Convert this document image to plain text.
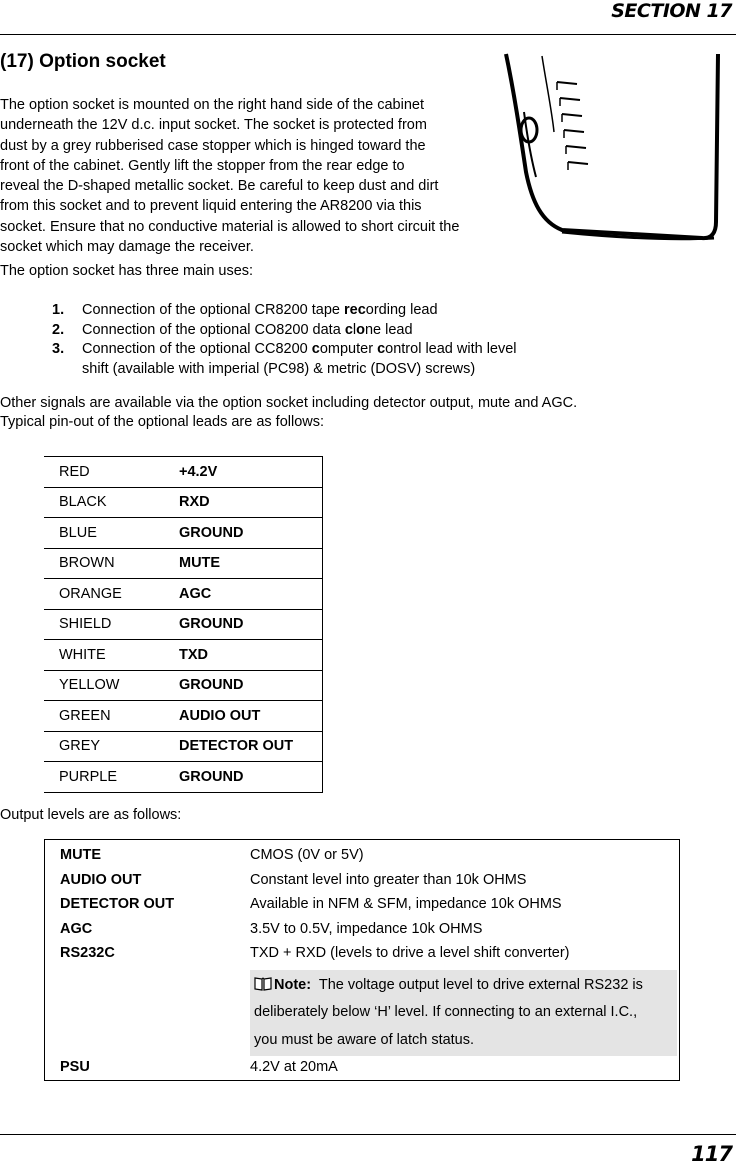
SECTION 17
(17) Option socket
The option socket is mounted on the right hand side of the cabinet
underneath the 12V d.c. input socket. The socket is protected from
dust by a grey rubberised case stopper which is hinged toward the
front of the cabinet. Gently lift the stopper from the rear edge to
reveal the D-shaped metallic socket. Be careful to keep dust and dirt
from this socket and to prevent liquid entering the AR8200 via this
socket. Ensure that no conductive material is allowed to short circuit the
socket which may damage the receiver.
The option socket has three main uses:
1.	Connection of the optional CR8200 tape recording lead
2.	Connection of the optional CO8200 data clone lead
3.	Connection of the optional CC8200 computer control lead with level
shift (available with imperial (PC98) & metric (DOSV) screws)
Other signals are available via the option socket including detector output, mute and AGC.
Typical pin-out of the optional leads are as follows:
RED	+4.2V
BLACK	RXD
BLUE	GROUND
BROWN	MUTE
ORANGE	AGC
SHIELD	GROUND
WHITE	TXD
YELLOW	GROUND
GREEN	AUDIO OUT
GREY	DETECTOR OUT
PURPLE	GROUND
Output levels are as follows:
MUTE	CMOS (0V or 5V)
AUDIO OUT	Constant level into greater than 10k OHMS
DETECTOR OUT	Available in NFM & SFM, impedance 10k OHMS
AGC	3.5V to 0.5V, impedance 10k OHMS
RS232C	TXD + RXD (levels to drive a level shift converter)
Note:  The voltage output level to drive external RS232 is
deliberately below ‘H’ level. If connecting to an external I.C.,
you must be aware of latch status.

PSU	4.2V at 20mA
117
